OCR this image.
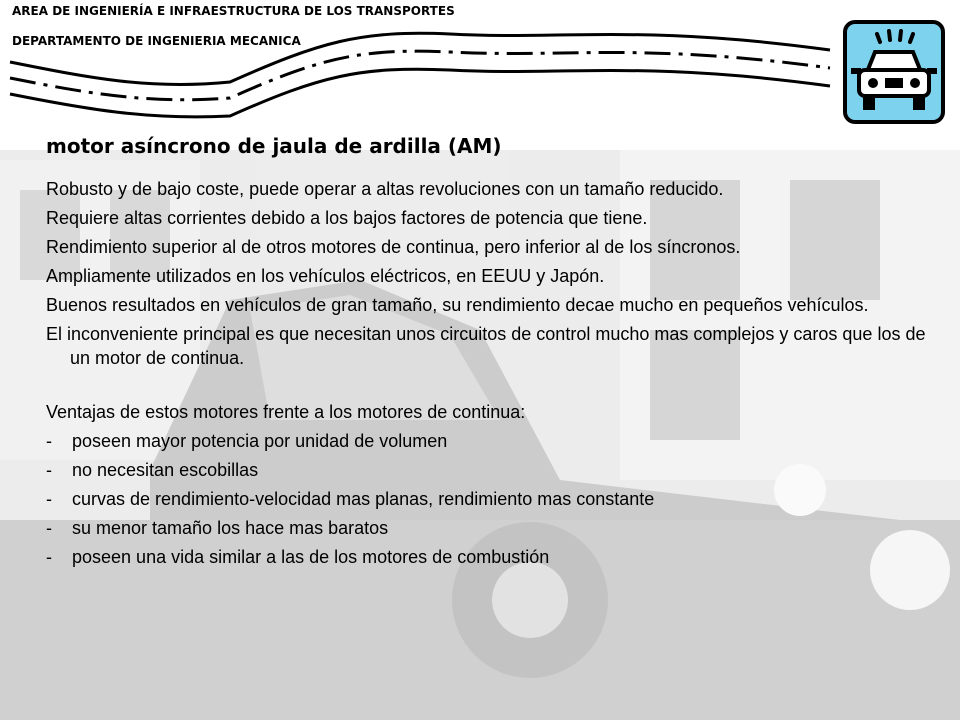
AREA DE INGENIERÍA E INFRAESTRUCTURA DE LOS TRANSPORTES
DEPARTAMENTO DE INGENIERIA MECANICA
motor asíncrono de jaula de ardilla (AM)

Robusto y de bajo coste, puede operar a altas revoluciones con un tamaño reducido.

Requiere altas corrientes debido a los bajos factores de potencia que tiene.

Rendimiento superior al de otros motores de continua, pero inferior al de los síncronos.

Ampliamente utilizados en los vehículos eléctricos, en EEUU y Japón.

Buenos resultados en vehículos de gran tamaño, su rendimiento decae mucho en pequeños vehículos.

El inconveniente principal es que necesitan unos circuitos de control mucho mas complejos y caros que los de un motor de continua.

Ventajas de estos motores frente a los motores de continua:

-	poseen mayor potencia por unidad de volumen
-	no necesitan escobillas
-	curvas de rendimiento-velocidad mas planas, rendimiento mas constante
-	su menor tamaño los hace mas baratos
-	poseen una vida similar a las de los motores de combustión
